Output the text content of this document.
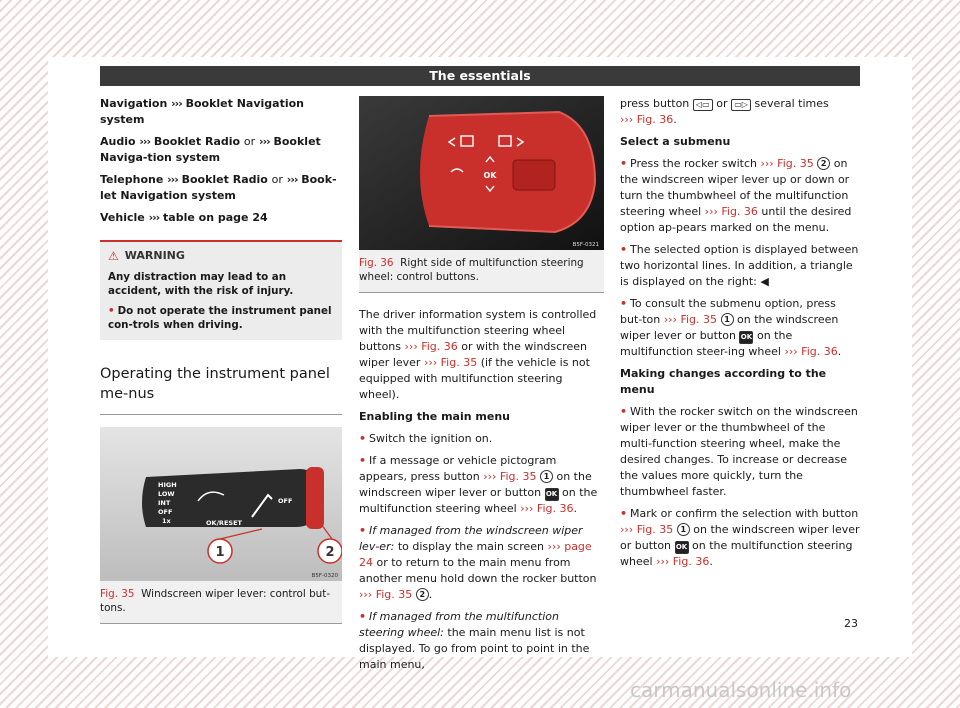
The essentials
Navigation ››› Booklet Navigation system
Audio ››› Booklet Radio or ››› Booklet Naviga-tion system
Telephone ››› Booklet Radio or ››› Book-let Navigation system
Vehicle ››› table on page 24
⚠ WARNING

Any distraction may lead to an accident, with the risk of injury.

• Do not operate the instrument panel con-trols when driving.

Operating the instrument panel me-nus
HIGH
LOW
INT
OFF
1x	OK/RESET
OFF
1	2
B5F-0320
Fig. 35 Windscreen wiper lever: control but-tons.
OK
B5F-0321
Fig. 36 Right side of multifunction steering wheel: control buttons.

The driver information system is controlled with the multifunction steering wheel buttons ››› Fig. 36 or with the windscreen wiper lever ››› Fig. 35 (if the vehicle is not equipped with multifunction steering wheel).

Enabling the main menu

• Switch the ignition on.

• If a message or vehicle pictogram appears, press button ››› Fig. 35 1 on the windscreen wiper lever or button OK on the multifunction steering wheel ››› Fig. 36.

• If managed from the windscreen wiper lev-er: to display the main screen ››› page 24 or to return to the main menu from another menu hold down the rocker button ››› Fig. 35 2 .

• If managed from the multifunction steering wheel: the main menu list is not displayed. To go from point to point in the main menu,

press button ◁▭ or ▭▷ several times
››› Fig. 36.

Select a submenu

• Press the rocker switch ››› Fig. 35 2 on the windscreen wiper lever up or down or turn the thumbwheel of the multifunction steering wheel ››› Fig. 36 until the desired option ap-pears marked on the menu.

• The selected option is displayed between two horizontal lines. In addition, a triangle is displayed on the right: ◀

• To consult the submenu option, press but-ton ››› Fig. 35 1 on the windscreen wiper lever or button OK on the multifunction steer-ing wheel ››› Fig. 36.

Making changes according to the menu

• With the rocker switch on the windscreen wiper lever or the thumbwheel of the multi-function steering wheel, make the desired changes. To increase or decrease the values more quickly, turn the thumbwheel faster.

• Mark or confirm the selection with button ››› Fig. 35 1 on the windscreen wiper lever or button OK on the multifunction steering wheel ››› Fig. 36.

23
carmanualsonline.info
